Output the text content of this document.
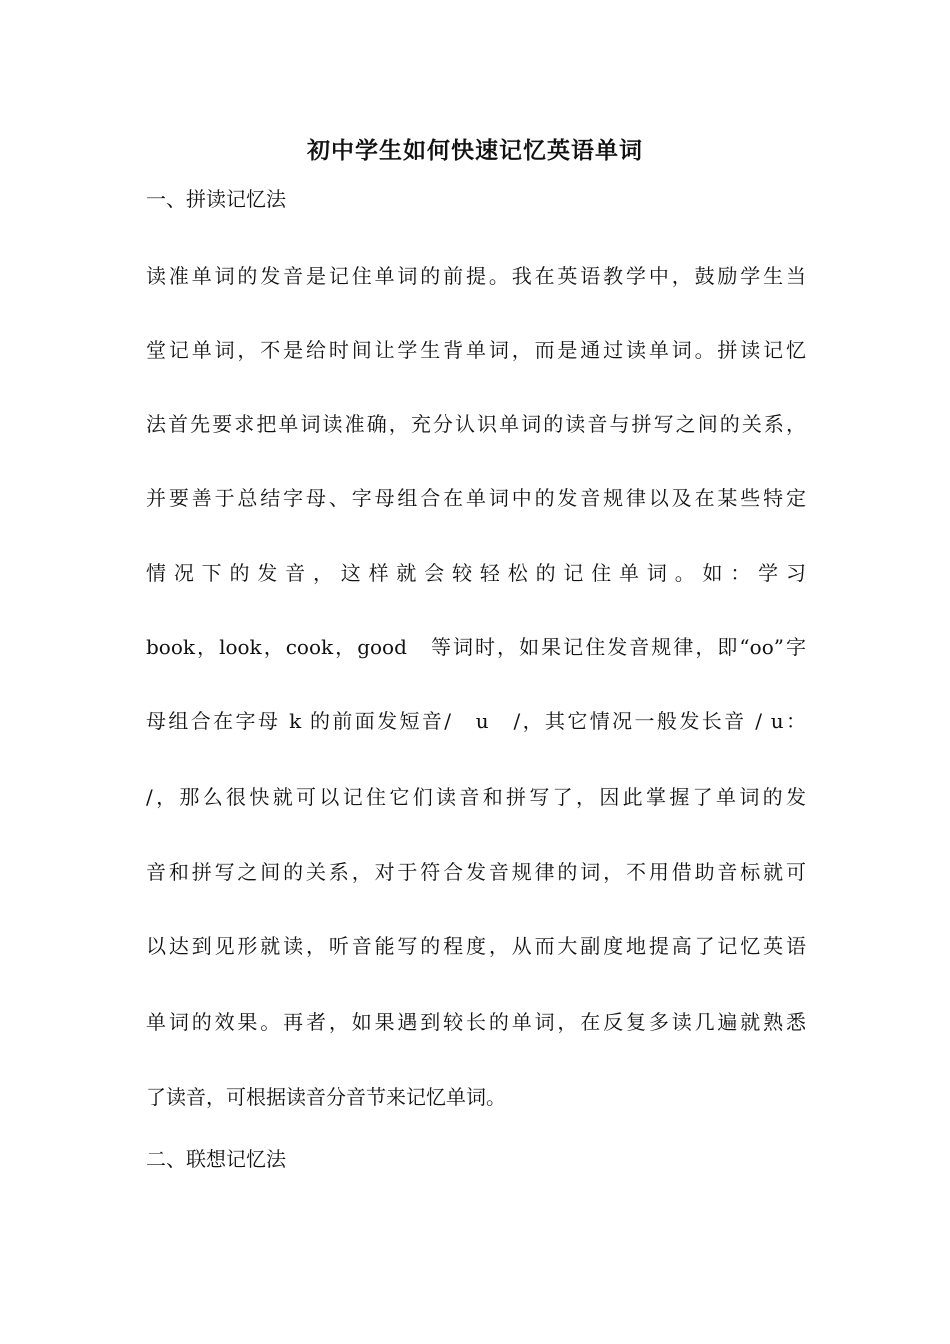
初中学生如何快速记忆英语单词
一、拼读记忆法
读准单词的发音是记住单词的前提。我在英语教学中，鼓励学生当
堂记单词，不是给时间让学生背单词，而是通过读单词。拼读记忆
法首先要求把单词读准确，充分认识单词的读音与拼写之间的关系，
并要善于总结字母、字母组合在单词中的发音规律以及在某些特定
情况下的发音，这样就会较轻松的记住单词。如：学习
book，look，cook，good　等词时，如果记住发音规律，即“oo”字
母组合在字母 k 的前面发短音/　u　/，其它情况一般发长音 / u：
/，那么很快就可以记住它们读音和拼写了，因此掌握了单词的发
音和拼写之间的关系，对于符合发音规律的词，不用借助音标就可
以达到见形就读，听音能写的程度，从而大副度地提高了记忆英语
单词的效果。再者，如果遇到较长的单词，在反复多读几遍就熟悉
了读音，可根据读音分音节来记忆单词。
二、联想记忆法
